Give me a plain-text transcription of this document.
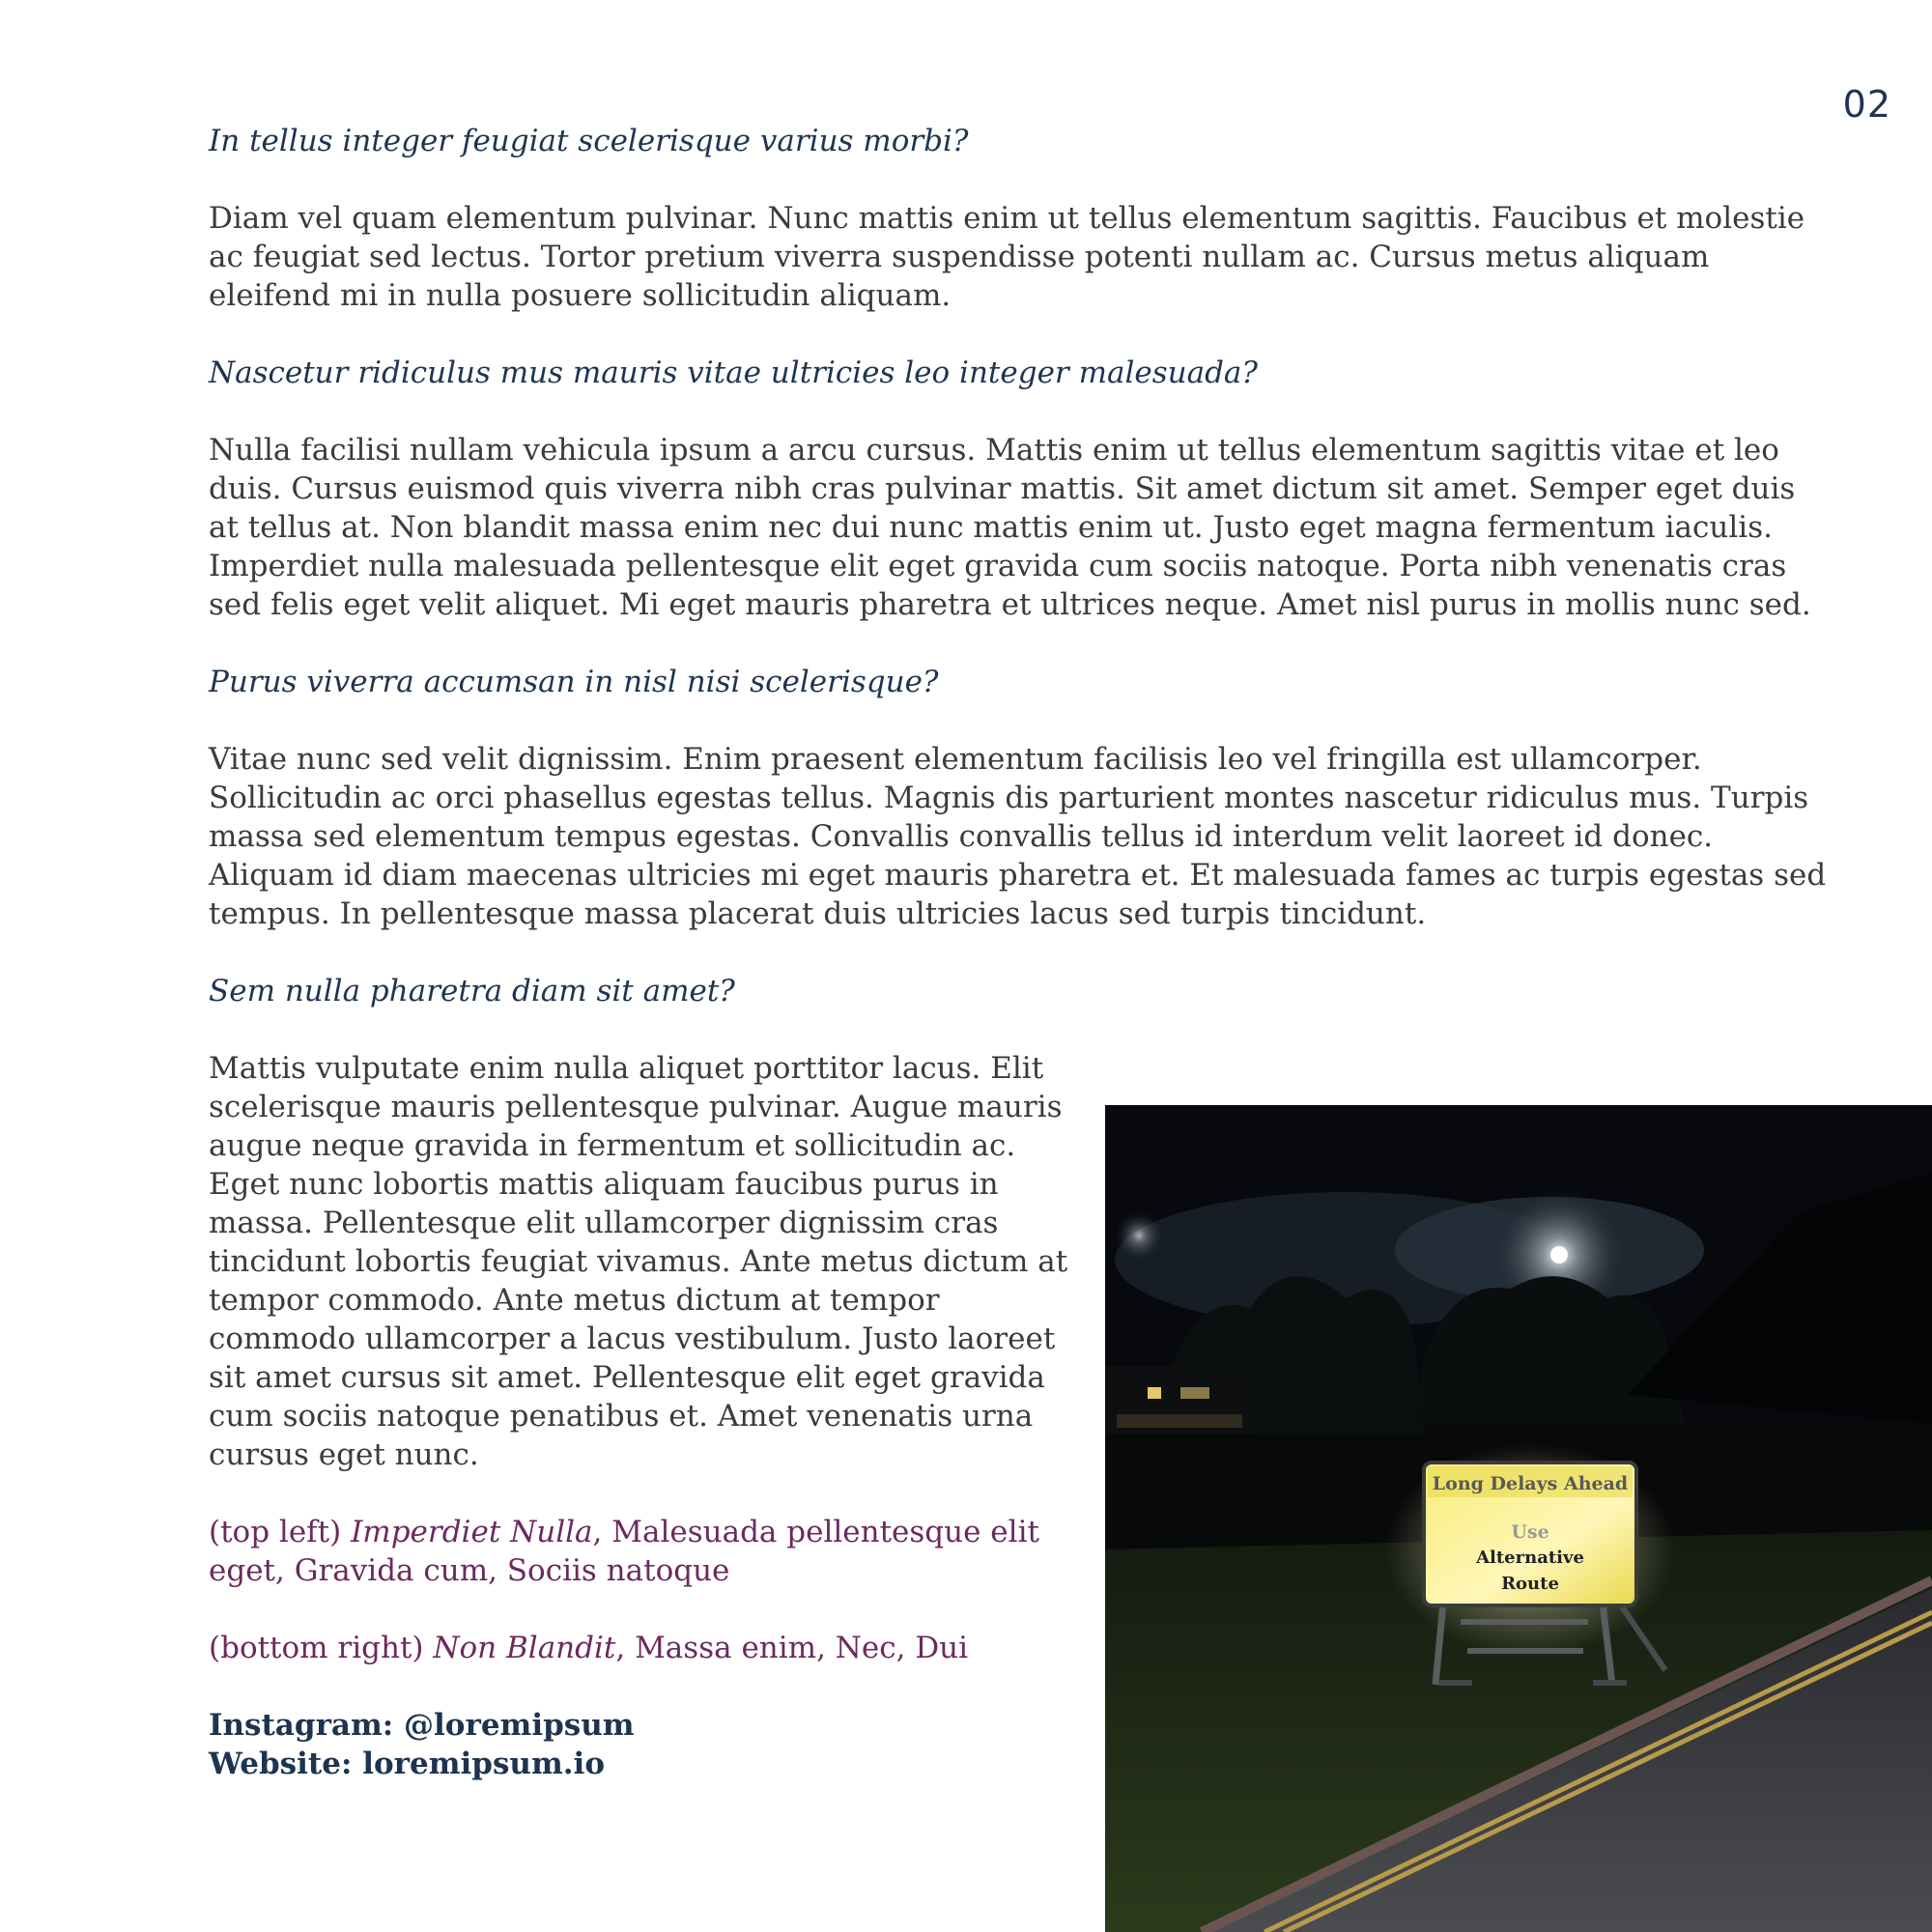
02

In tellus integer feugiat scelerisque varius morbi?

Diam vel quam elementum pulvinar. Nunc mattis enim ut tellus elementum sagittis. Faucibus et molestie ac feugiat sed lectus. Tortor pretium viverra suspendisse potenti nullam ac. Cursus metus aliquam eleifend mi in nulla posuere sollicitudin aliquam.

Nascetur ridiculus mus mauris vitae ultricies leo integer malesuada?

Nulla facilisi nullam vehicula ipsum a arcu cursus. Mattis enim ut tellus elementum sagittis vitae et leo duis. Cursus euismod quis viverra nibh cras pulvinar mattis. Sit amet dictum sit amet. Semper eget duis at tellus at. Non blandit massa enim nec dui nunc mattis enim ut. Justo eget magna fermentum iaculis. Imperdiet nulla malesuada pellentesque elit eget gravida cum sociis natoque. Porta nibh venenatis cras sed felis eget velit aliquet. Mi eget mauris pharetra et ultrices neque. Amet nisl purus in mollis nunc sed.

Purus viverra accumsan in nisl nisi scelerisque?

Vitae nunc sed velit dignissim. Enim praesent elementum facilisis leo vel fringilla est ullamcorper. Sollicitudin ac orci phasellus egestas tellus. Magnis dis parturient montes nascetur ridiculus mus. Turpis massa sed elementum tempus egestas. Convallis convallis tellus id interdum velit laoreet id donec. Aliquam id diam maecenas ultricies mi eget mauris pharetra et. Et malesuada fames ac turpis egestas sed tempus. In pellentesque massa placerat duis ultricies lacus sed turpis tincidunt.

Sem nulla pharetra diam sit amet?

Mattis vulputate enim nulla aliquet porttitor lacus. Elit scelerisque mauris pellentesque pulvinar. Augue mauris augue neque gravida in fermentum et sollicitudin ac. Eget nunc lobortis mattis aliquam faucibus purus in massa. Pellentesque elit ullamcorper dignissim cras tincidunt lobortis feugiat vivamus. Ante metus dictum at tempor commodo. Ante metus dictum at tempor commodo ullamcorper a lacus vestibulum. Justo laoreet sit amet cursus sit amet. Pellentesque elit eget gravida cum sociis natoque penatibus et. Amet venenatis urna cursus eget nunc.

(top left) Imperdiet Nulla, Malesuada pellentesque elit eget, Gravida cum, Sociis natoque

(bottom right) Non Blandit, Massa enim, Nec, Dui

Instagram: @loremipsum
Website: loremipsum.io

Long Delays Ahead
Use
Alternative
Route
